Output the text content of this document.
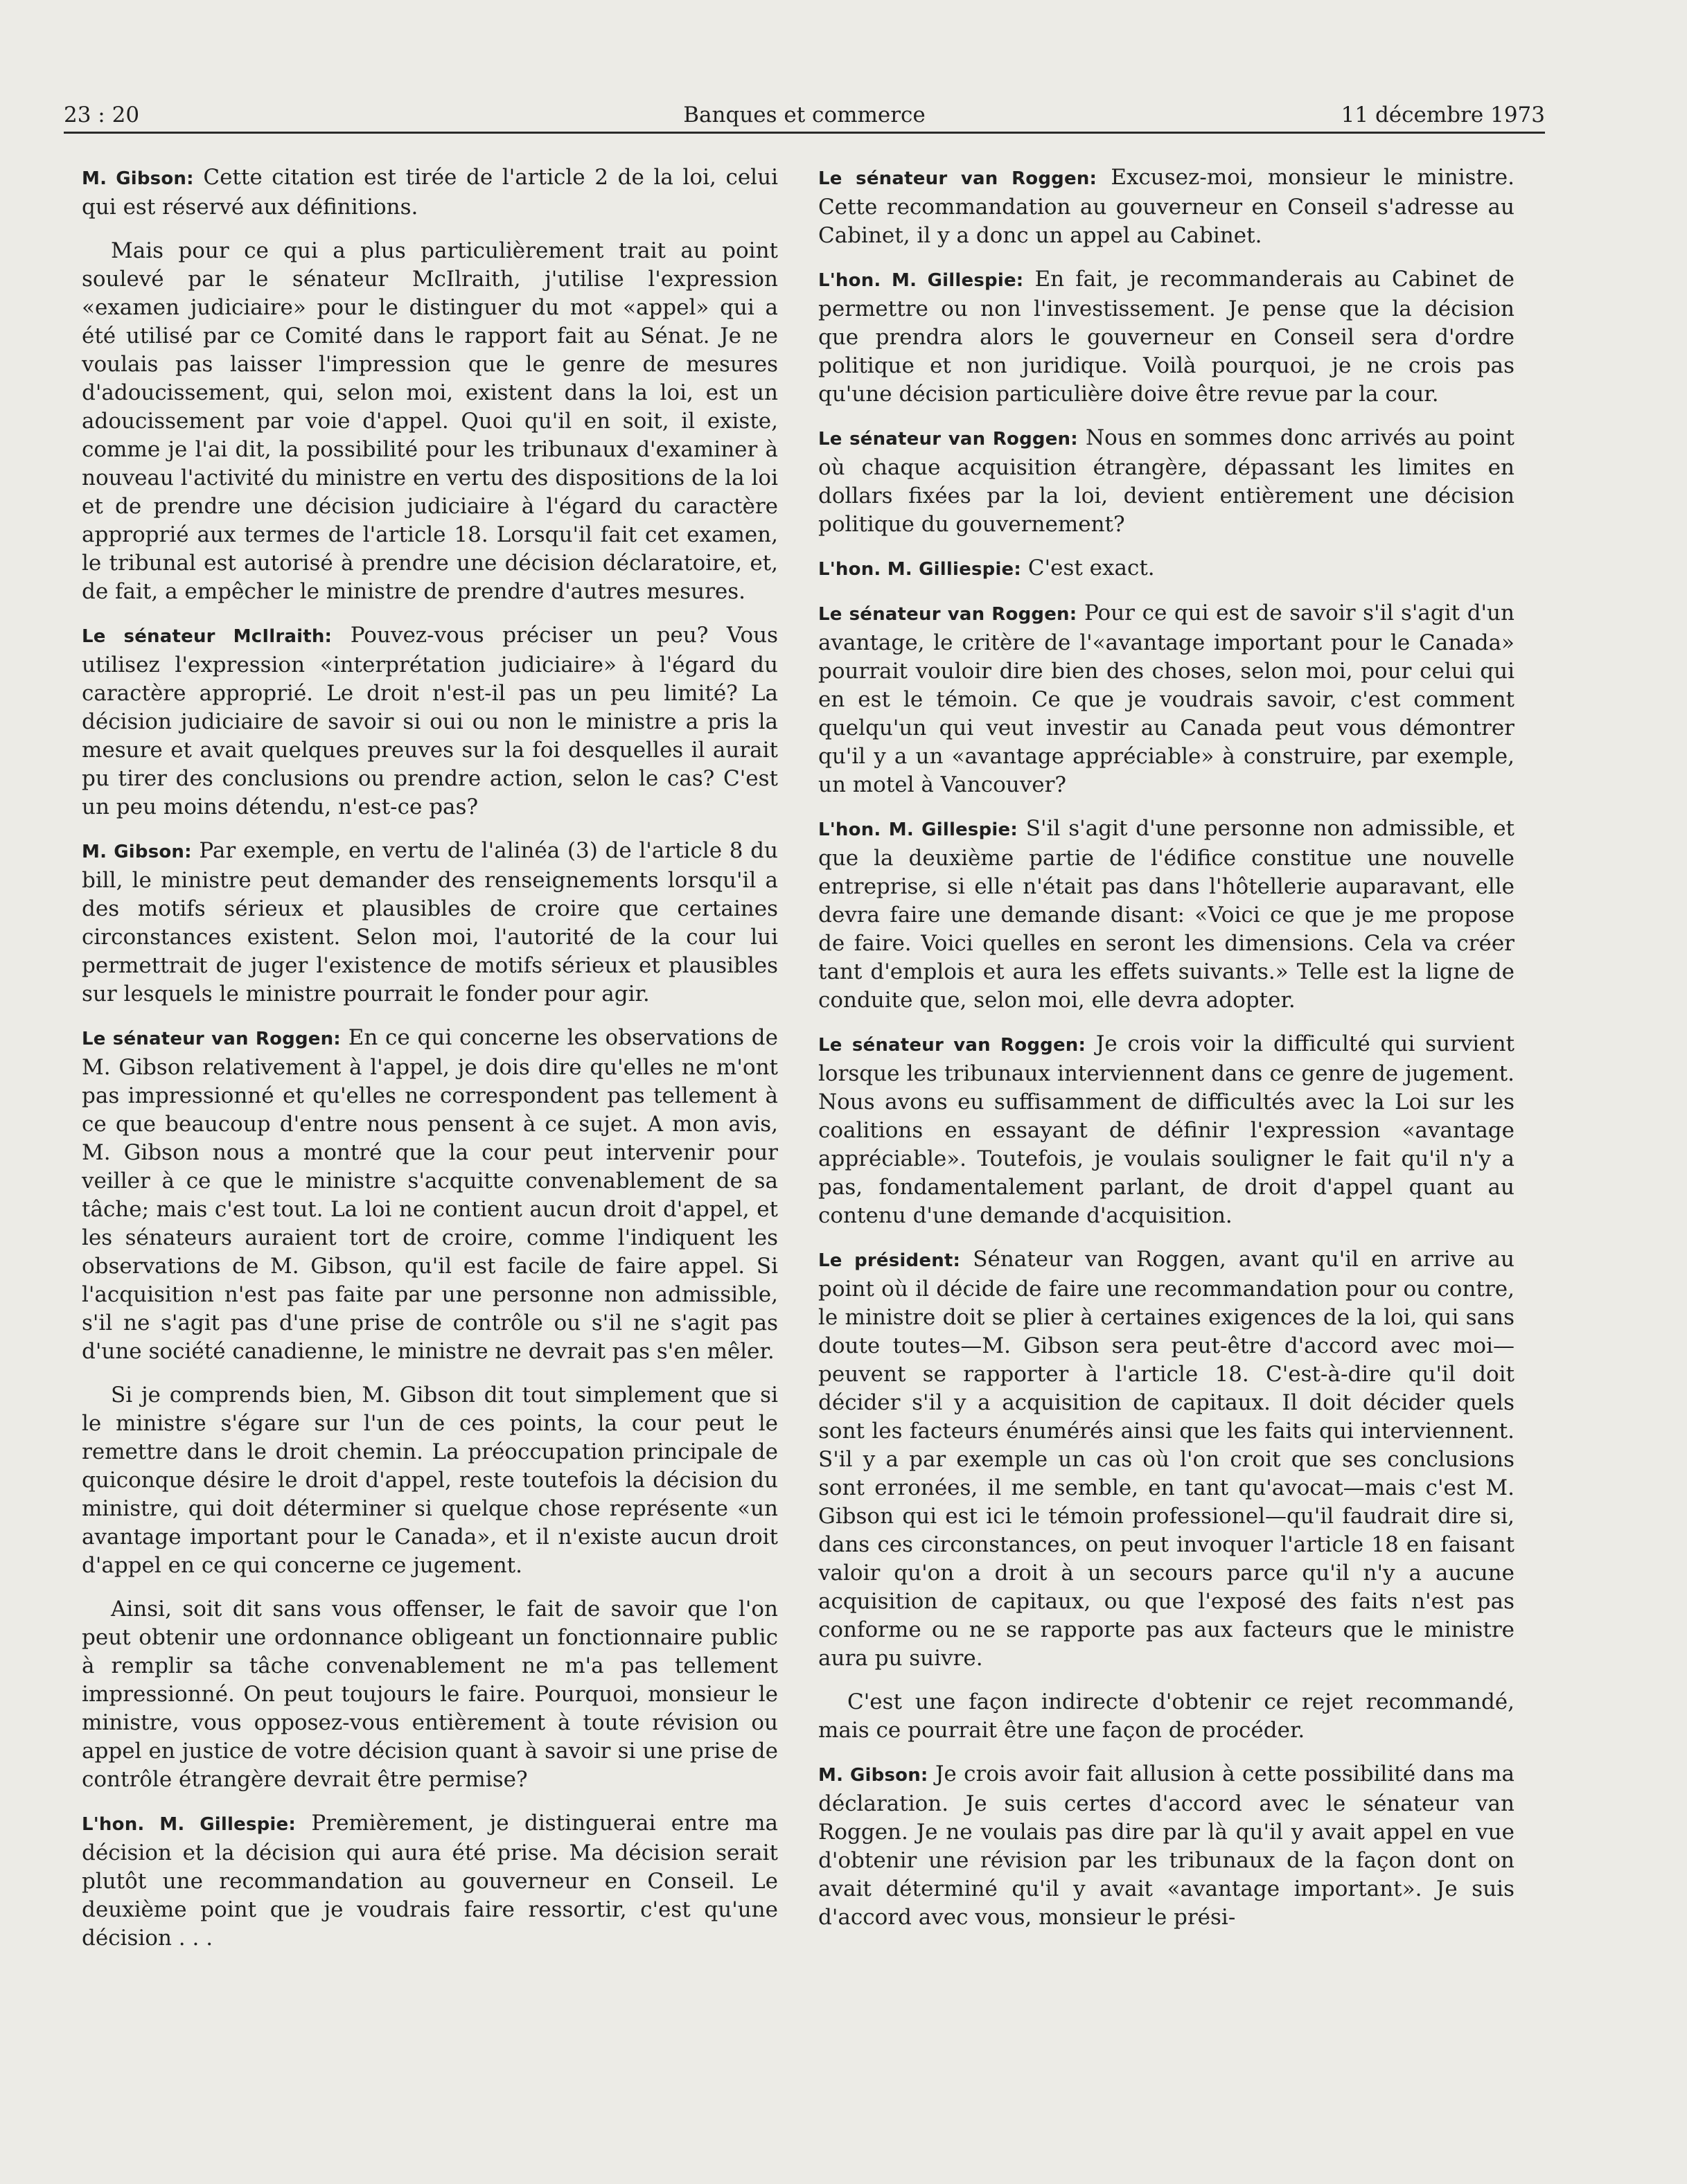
23 : 20	Banques et commerce	11 décembre 1973

M. Gibson: Cette citation est tirée de l'article 2 de la loi, celui qui est réservé aux définitions.

Mais pour ce qui a plus particulièrement trait au point soulevé par le sénateur McIlraith, j'utilise l'expression «examen judiciaire» pour le distinguer du mot «appel» qui a été utilisé par ce Comité dans le rapport fait au Sénat. Je ne voulais pas laisser l'impression que le genre de mesures d'adoucissement, qui, selon moi, existent dans la loi, est un adoucissement par voie d'appel. Quoi qu'il en soit, il existe, comme je l'ai dit, la possibilité pour les tribunaux d'examiner à nouveau l'activité du ministre en vertu des dispositions de la loi et de prendre une décision judiciaire à l'égard du caractère approprié aux termes de l'article 18. Lorsqu'il fait cet examen, le tribunal est autorisé à prendre une décision déclaratoire, et, de fait, a empêcher le ministre de prendre d'autres mesures.

Le sénateur McIlraith: Pouvez-vous préciser un peu? Vous utilisez l'expression «interprétation judiciaire» à l'égard du caractère approprié. Le droit n'est-il pas un peu limité? La décision judiciaire de savoir si oui ou non le ministre a pris la mesure et avait quelques preuves sur la foi desquelles il aurait pu tirer des conclusions ou prendre action, selon le cas? C'est un peu moins détendu, n'est-ce pas?

M. Gibson: Par exemple, en vertu de l'alinéa (3) de l'article 8 du bill, le ministre peut demander des renseignements lorsqu'il a des motifs sérieux et plausibles de croire que certaines circonstances existent. Selon moi, l'autorité de la cour lui permettrait de juger l'existence de motifs sérieux et plausibles sur lesquels le ministre pourrait le fonder pour agir.

Le sénateur van Roggen: En ce qui concerne les observations de M. Gibson relativement à l'appel, je dois dire qu'elles ne m'ont pas impressionné et qu'elles ne correspondent pas tellement à ce que beaucoup d'entre nous pensent à ce sujet. A mon avis, M. Gibson nous a montré que la cour peut intervenir pour veiller à ce que le ministre s'acquitte convenablement de sa tâche; mais c'est tout. La loi ne contient aucun droit d'appel, et les sénateurs auraient tort de croire, comme l'indiquent les observations de M. Gibson, qu'il est facile de faire appel. Si l'acquisition n'est pas faite par une personne non admissible, s'il ne s'agit pas d'une prise de contrôle ou s'il ne s'agit pas d'une société canadienne, le ministre ne devrait pas s'en mêler.

Si je comprends bien, M. Gibson dit tout simplement que si le ministre s'égare sur l'un de ces points, la cour peut le remettre dans le droit chemin. La préoccupation principale de quiconque désire le droit d'appel, reste toutefois la décision du ministre, qui doit déterminer si quelque chose représente «un avantage important pour le Canada», et il n'existe aucun droit d'appel en ce qui concerne ce jugement.

Ainsi, soit dit sans vous offenser, le fait de savoir que l'on peut obtenir une ordonnance obligeant un fonctionnaire public à remplir sa tâche convenablement ne m'a pas tellement impressionné. On peut toujours le faire. Pourquoi, monsieur le ministre, vous opposez-vous entièrement à toute révision ou appel en justice de votre décision quant à savoir si une prise de contrôle étrangère devrait être permise?

L'hon. M. Gillespie: Premièrement, je distinguerai entre ma décision et la décision qui aura été prise. Ma décision serait plutôt une recommandation au gouverneur en Conseil. Le deuxième point que je voudrais faire ressortir, c'est qu'une décision . . .

Le sénateur van Roggen: Excusez-moi, monsieur le ministre. Cette recommandation au gouverneur en Conseil s'adresse au Cabinet, il y a donc un appel au Cabinet.

L'hon. M. Gillespie: En fait, je recommanderais au Cabinet de permettre ou non l'investissement. Je pense que la décision que prendra alors le gouverneur en Conseil sera d'ordre politique et non juridique. Voilà pourquoi, je ne crois pas qu'une décision particulière doive être revue par la cour.

Le sénateur van Roggen: Nous en sommes donc arrivés au point où chaque acquisition étrangère, dépassant les limites en dollars fixées par la loi, devient entièrement une décision politique du gouvernement?

L'hon. M. Gilliespie: C'est exact.

Le sénateur van Roggen: Pour ce qui est de savoir s'il s'agit d'un avantage, le critère de l'«avantage important pour le Canada» pourrait vouloir dire bien des choses, selon moi, pour celui qui en est le témoin. Ce que je voudrais savoir, c'est comment quelqu'un qui veut investir au Canada peut vous démontrer qu'il y a un «avantage appréciable» à construire, par exemple, un motel à Vancouver?

L'hon. M. Gillespie: S'il s'agit d'une personne non admissible, et que la deuxième partie de l'édifice constitue une nouvelle entreprise, si elle n'était pas dans l'hôtellerie auparavant, elle devra faire une demande disant: «Voici ce que je me propose de faire. Voici quelles en seront les dimensions. Cela va créer tant d'emplois et aura les effets suivants.» Telle est la ligne de conduite que, selon moi, elle devra adopter.

Le sénateur van Roggen: Je crois voir la difficulté qui survient lorsque les tribunaux interviennent dans ce genre de jugement. Nous avons eu suffisamment de difficultés avec la Loi sur les coalitions en essayant de définir l'expression «avantage appréciable». Toutefois, je voulais souligner le fait qu'il n'y a pas, fondamentalement parlant, de droit d'appel quant au contenu d'une demande d'acquisition.

Le président: Sénateur van Roggen, avant qu'il en arrive au point où il décide de faire une recommandation pour ou contre, le ministre doit se plier à certaines exigences de la loi, qui sans doute toutes—M. Gibson sera peut-être d'accord avec moi—peuvent se rapporter à l'article 18. C'est-à-dire qu'il doit décider s'il y a acquisition de capitaux. Il doit décider quels sont les facteurs énumérés ainsi que les faits qui interviennent. S'il y a par exemple un cas où l'on croit que ses conclusions sont erronées, il me semble, en tant qu'avocat—mais c'est M. Gibson qui est ici le témoin professionel—qu'il faudrait dire si, dans ces circonstances, on peut invoquer l'article 18 en faisant valoir qu'on a droit à un secours parce qu'il n'y a aucune acquisition de capitaux, ou que l'exposé des faits n'est pas conforme ou ne se rapporte pas aux facteurs que le ministre aura pu suivre.

C'est une façon indirecte d'obtenir ce rejet recommandé, mais ce pourrait être une façon de procéder.

M. Gibson: Je crois avoir fait allusion à cette possibilité dans ma déclaration. Je suis certes d'accord avec le sénateur van Roggen. Je ne voulais pas dire par là qu'il y avait appel en vue d'obtenir une révision par les tribunaux de la façon dont on avait déterminé qu'il y avait «avantage important». Je suis d'accord avec vous, monsieur le prési-
